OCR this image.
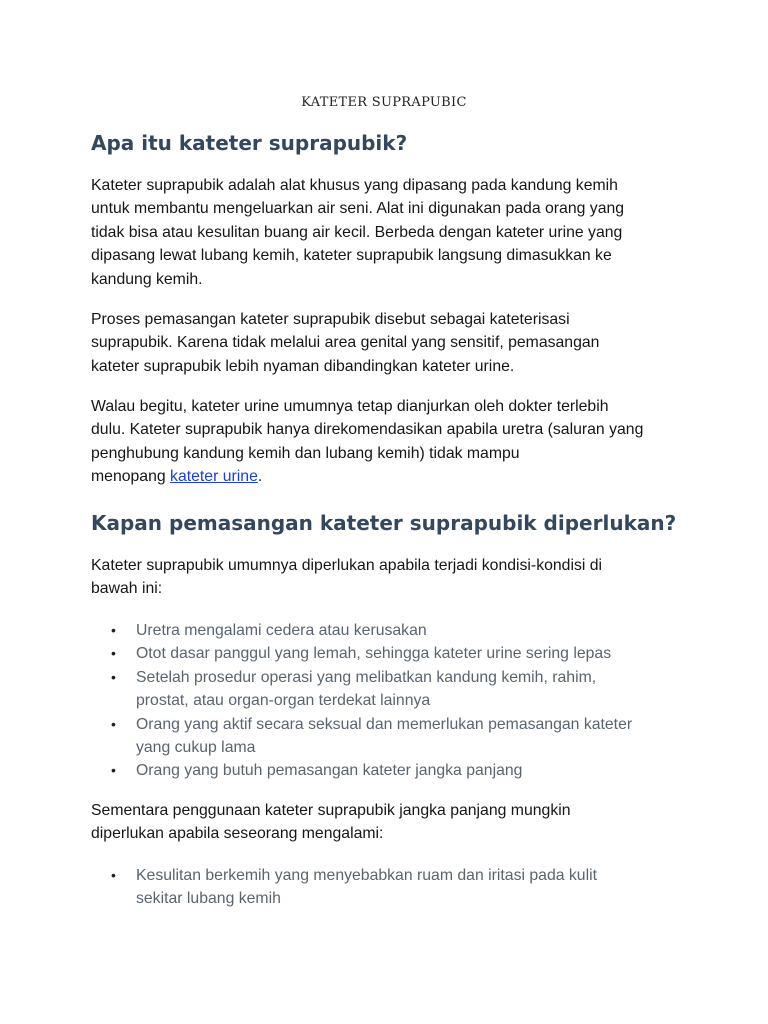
KATETER SUPRAPUBIC
Apa itu kateter suprapubik?
Kateter suprapubik adalah alat khusus yang dipasang pada kandung kemih
untuk membantu mengeluarkan air seni. Alat ini digunakan pada orang yang
tidak bisa atau kesulitan buang air kecil. Berbeda dengan kateter urine yang
dipasang lewat lubang kemih, kateter suprapubik langsung dimasukkan ke
kandung kemih.
Proses pemasangan kateter suprapubik disebut sebagai kateterisasi
suprapubik. Karena tidak melalui area genital yang sensitif, pemasangan
kateter suprapubik lebih nyaman dibandingkan kateter urine.
Walau begitu, kateter urine umumnya tetap dianjurkan oleh dokter terlebih
dulu. Kateter suprapubik hanya direkomendasikan apabila uretra (saluran yang
penghubung kandung kemih dan lubang kemih) tidak mampu
menopang kateter urine.
Kapan pemasangan kateter suprapubik diperlukan?
Kateter suprapubik umumnya diperlukan apabila terjadi kondisi-kondisi di
bawah ini:
• Uretra mengalami cedera atau kerusakan
• Otot dasar panggul yang lemah, sehingga kateter urine sering lepas
• Setelah prosedur operasi yang melibatkan kandung kemih, rahim,
prostat, atau organ-organ terdekat lainnya
• Orang yang aktif secara seksual dan memerlukan pemasangan kateter
yang cukup lama
• Orang yang butuh pemasangan kateter jangka panjang
Sementara penggunaan kateter suprapubik jangka panjang mungkin
diperlukan apabila seseorang mengalami:
• Kesulitan berkemih yang menyebabkan ruam dan iritasi pada kulit
sekitar lubang kemih
